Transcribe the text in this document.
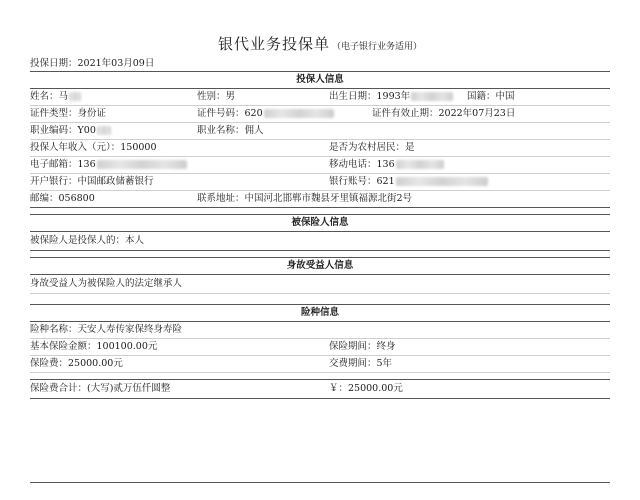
银代业务投保单 （电子银行业务适用）
投保日期：2021年03月09日
投保人信息
姓名：马	性别：男	出生日期：1993年	国籍：中国
证件类型：身份证	证件号码：620	证件有效止期：2022年07月23日
职业编码：Y00	职业名称：佣人
投保人年收入（元）：150000	是否为农村居民：是
电子邮箱：136	移动电话：136
开户银行：中国邮政储蓄银行	银行账号：621
邮编：056800	联系地址：中国河北邯郸市魏县牙里镇福源北街2号
被保险人信息
被保险人是投保人的：本人
身故受益人信息
身故受益人为被保险人的法定继承人
险种信息
险种名称：天安人寿传家保终身寿险
基本保险金额：100100.00元	保险期间：终身
保险费：25000.00元	交费期间：5年
保险费合计：(大写)贰万伍仟圆整	￥：25000.00元
